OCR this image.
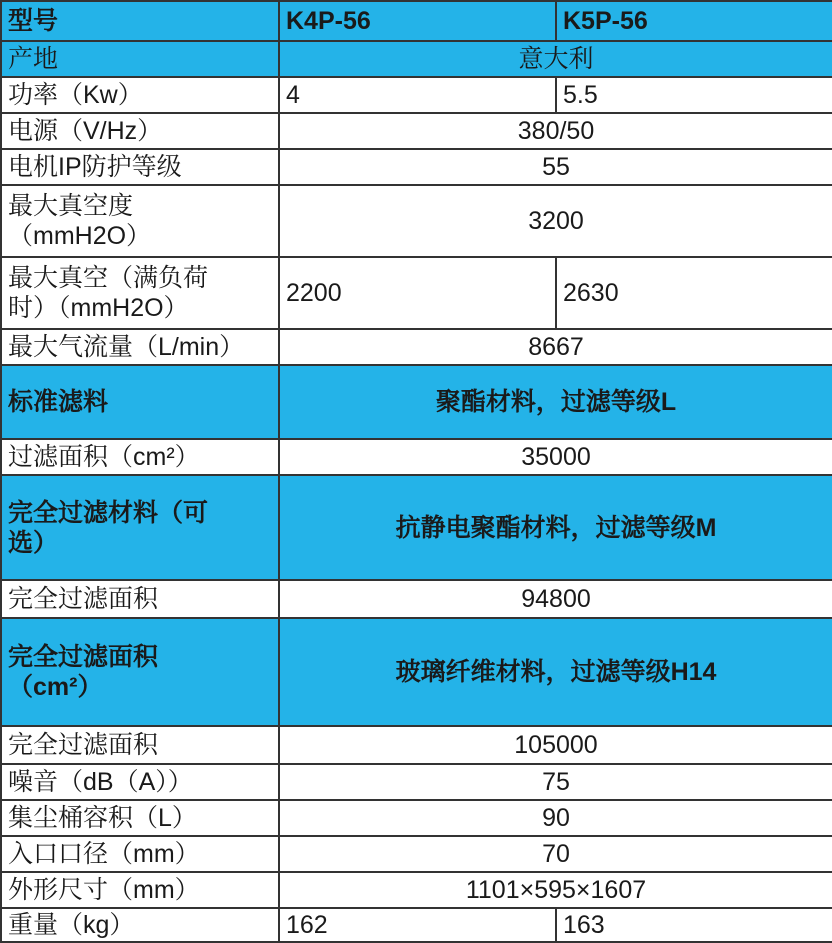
型号	K4P-56	K5P-56
产地	意大利	
功率（Kw）	4	5.5
电源（V/Hz）	380/50	
电机IP防护等级	55	

最大真空度
（mmH2O）	3200	

最大真空（满负荷
时）（mmH2O）	2200	2630
最大气流量（L/min）	8667	
标准滤料	聚酯材料，过滤等级L	
过滤面积（cm²）	35000	

完全过滤材料（可
选）	抗静电聚酯材料，过滤等级M	
完全过滤面积	94800	

完全过滤面积
（cm²）	玻璃纤维材料，过滤等级H14	
完全过滤面积	105000	
噪音（dB（A））	75	
集尘桶容积（L）	90	
入口口径（mm）	70	
外形尺寸（mm）	1101×595×1607	
重量（kg）	162	163
